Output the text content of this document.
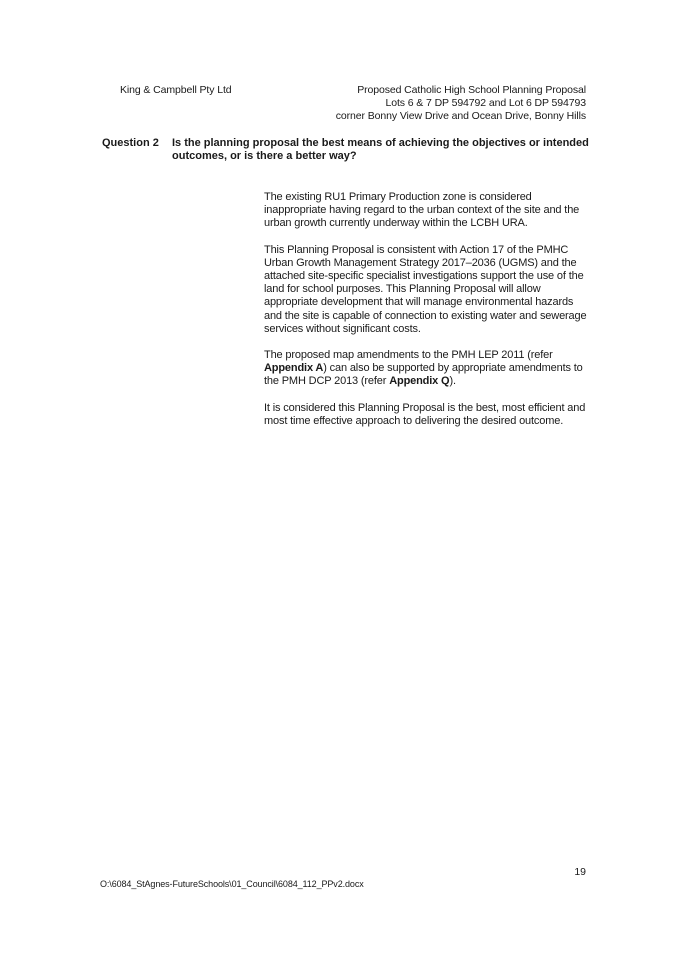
King & Campbell Pty Ltd	Proposed Catholic High School Planning Proposal
Lots 6 & 7 DP 594792 and Lot 6 DP 594793
corner Bonny View Drive and Ocean Drive, Bonny Hills
Question 2 Is the planning proposal the best means of achieving the objectives or intended outcomes, or is there a better way?

The existing RU1 Primary Production zone is considered inappropriate having regard to the urban context of the site and the urban growth currently underway within the LCBH URA.

This Planning Proposal is consistent with Action 17 of the PMHC Urban Growth Management Strategy 2017–2036 (UGMS) and the attached site-specific specialist investigations support the use of the land for school purposes. This Planning Proposal will allow appropriate development that will manage environmental hazards and the site is capable of connection to existing water and sewerage services without significant costs.

The proposed map amendments to the PMH LEP 2011 (refer Appendix A) can also be supported by appropriate amendments to the PMH DCP 2013 (refer Appendix Q).

It is considered this Planning Proposal is the best, most efficient and most time effective approach to delivering the desired outcome.

19
O:\6084_StAgnes-FutureSchools\01_Council\6084_112_PPv2.docx
